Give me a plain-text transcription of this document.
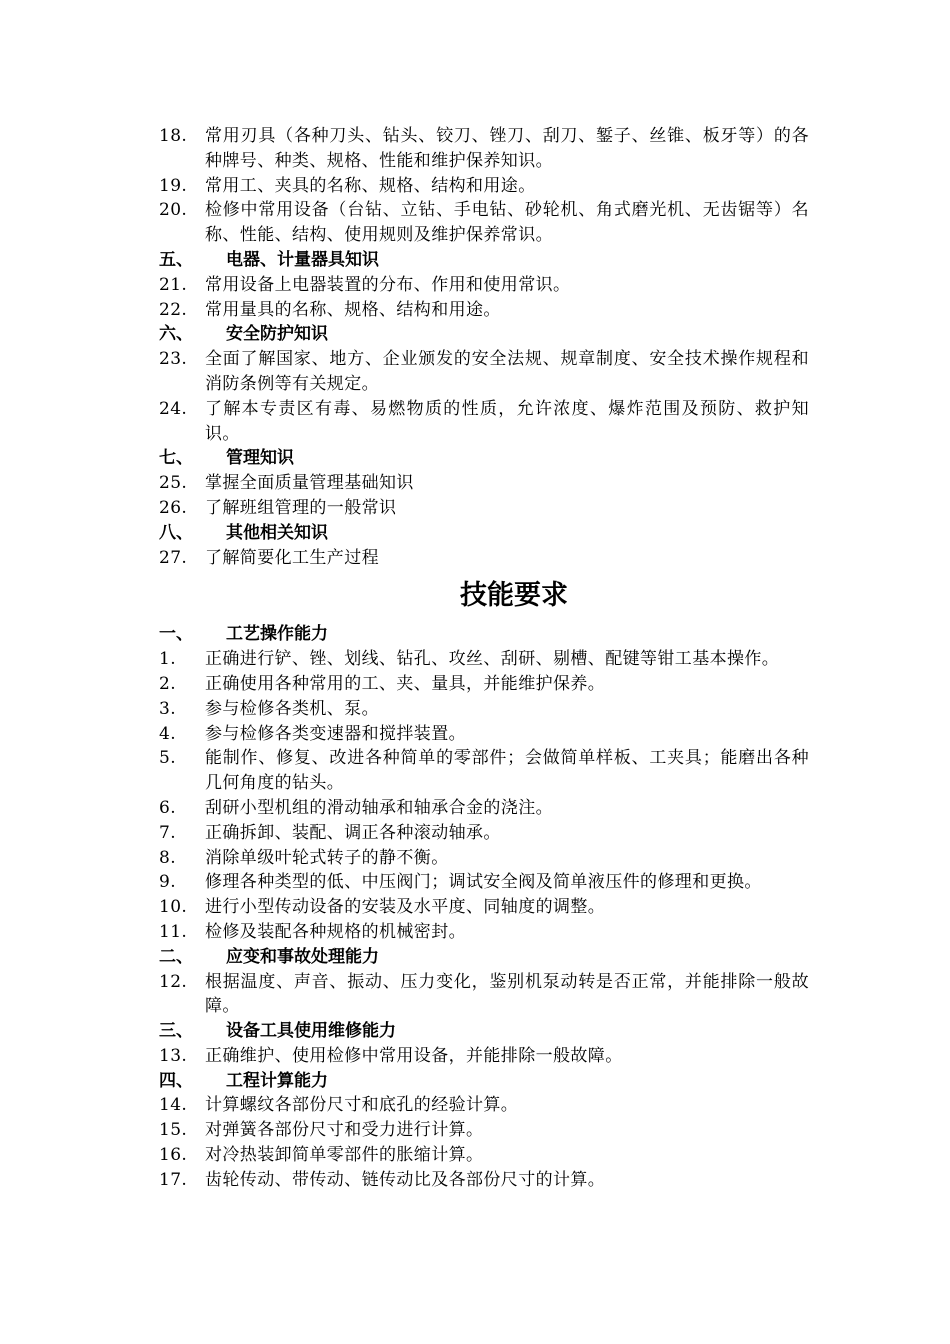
18. 常用刃具（各种刀头、钻头、铰刀、锉刀、刮刀、錾子、丝锥、板牙等）的各种牌号、种类、规格、性能和维护保养知识。
19. 常用工、夹具的名称、规格、结构和用途。
20. 检修中常用设备（台钻、立钻、手电钻、砂轮机、角式磨光机、无齿锯等）名称、性能、结构、使用规则及维护保养常识。
五、 电器、计量器具知识
21. 常用设备上电器装置的分布、作用和使用常识。
22. 常用量具的名称、规格、结构和用途。
六、 安全防护知识
23. 全面了解国家、地方、企业颁发的安全法规、规章制度、安全技术操作规程和消防条例等有关规定。
24. 了解本专责区有毒、易燃物质的性质，允许浓度、爆炸范围及预防、救护知识。
七、 管理知识
25. 掌握全面质量管理基础知识
26. 了解班组管理的一般常识
八、 其他相关知识
27. 了解简要化工生产过程
技能要求
一、 工艺操作能力
1. 正确进行铲、锉、划线、钻孔、攻丝、刮研、剔槽、配键等钳工基本操作。
2. 正确使用各种常用的工、夹、量具，并能维护保养。
3. 参与检修各类机、泵。
4. 参与检修各类变速器和搅拌装置。
5. 能制作、修复、改进各种简单的零部件；会做简单样板、工夹具；能磨出各种几何角度的钻头。
6. 刮研小型机组的滑动轴承和轴承合金的浇注。
7. 正确拆卸、装配、调正各种滚动轴承。
8. 消除单级叶轮式转子的静不衡。
9. 修理各种类型的低、中压阀门；调试安全阀及简单液压件的修理和更换。
10. 进行小型传动设备的安装及水平度、同轴度的调整。
11. 检修及装配各种规格的机械密封。
二、 应变和事故处理能力
12. 根据温度、声音、振动、压力变化，鉴别机泵动转是否正常，并能排除一般故障。
三、 设备工具使用维修能力
13. 正确维护、使用检修中常用设备，并能排除一般故障。
四、 工程计算能力
14. 计算螺纹各部份尺寸和底孔的经验计算。
15. 对弹簧各部份尺寸和受力进行计算。
16. 对冷热装卸简单零部件的胀缩计算。
17. 齿轮传动、带传动、链传动比及各部份尺寸的计算。
